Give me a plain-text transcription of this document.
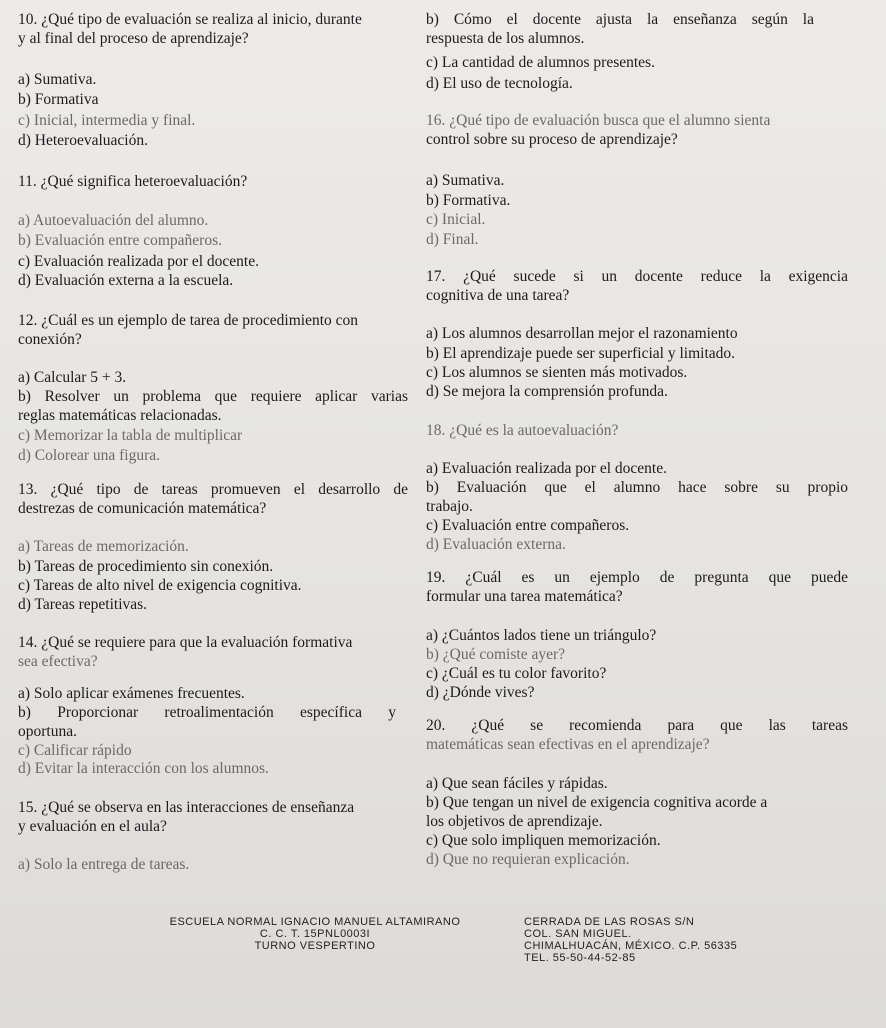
10. ¿Qué tipo de evaluación se realiza al inicio, durante
y al final del proceso de aprendizaje?
a) Sumativa.
b) Formativa
c) Inicial, intermedia y final.
d) Heteroevaluación.
11. ¿Qué significa heteroevaluación?
a) Autoevaluación del alumno.
b) Evaluación entre compañeros.
c) Evaluación realizada por el docente.
d) Evaluación externa a la escuela.
12. ¿Cuál es un ejemplo de tarea de procedimiento con
conexión?
a) Calcular 5 + 3.
b) Resolver un problema que requiere aplicar varias
reglas matemáticas relacionadas.
c) Memorizar la tabla de multiplicar
d) Colorear una figura.
13. ¿Qué tipo de tareas promueven el desarrollo de
destrezas de comunicación matemática?
a) Tareas de memorización.
b) Tareas de procedimiento sin conexión.
c) Tareas de alto nivel de exigencia cognitiva.
d) Tareas repetitivas.
14. ¿Qué se requiere para que la evaluación formativa
sea efectiva?
a) Solo aplicar exámenes frecuentes.
b) Proporcionar retroalimentación específica y
oportuna.
c) Calificar rápido
d) Evitar la interacción con los alumnos.
15. ¿Qué se observa en las interacciones de enseñanza
y evaluación en el aula?
a) Solo la entrega de tareas.
b) Cómo el docente ajusta la enseñanza según la
respuesta de los alumnos.
c) La cantidad de alumnos presentes.
d) El uso de tecnología.
16. ¿Qué tipo de evaluación busca que el alumno sienta
control sobre su proceso de aprendizaje?
a) Sumativa.
b) Formativa.
c) Inicial.
d) Final.
17. ¿Qué sucede si un docente reduce la exigencia
cognitiva de una tarea?
a) Los alumnos desarrollan mejor el razonamiento
b) El aprendizaje puede ser superficial y limitado.
c) Los alumnos se sienten más motivados.
d) Se mejora la comprensión profunda.
18. ¿Qué es la autoevaluación?
a) Evaluación realizada por el docente.
b) Evaluación que el alumno hace sobre su propio
trabajo.
c) Evaluación entre compañeros.
d) Evaluación externa.
19. ¿Cuál es un ejemplo de pregunta que puede
formular una tarea matemática?
a) ¿Cuántos lados tiene un triángulo?
b) ¿Qué comiste ayer?
c) ¿Cuál es tu color favorito?
d) ¿Dónde vives?
20. ¿Qué se recomienda para que las tareas
matemáticas sean efectivas en el aprendizaje?
a) Que sean fáciles y rápidas.
b) Que tengan un nivel de exigencia cognitiva acorde a
los objetivos de aprendizaje.
c) Que solo impliquen memorización.
d) Que no requieran explicación.
ESCUELA NORMAL IGNACIO MANUEL ALTAMIRANO
C. C. T. 15PNL0003I
TURNO VESPERTINO
CERRADA DE LAS ROSAS S/N
COL. SAN MIGUEL.
CHIMALHUACÁN, MÉXICO. C.P. 56335
TEL. 55-50-44-52-85
